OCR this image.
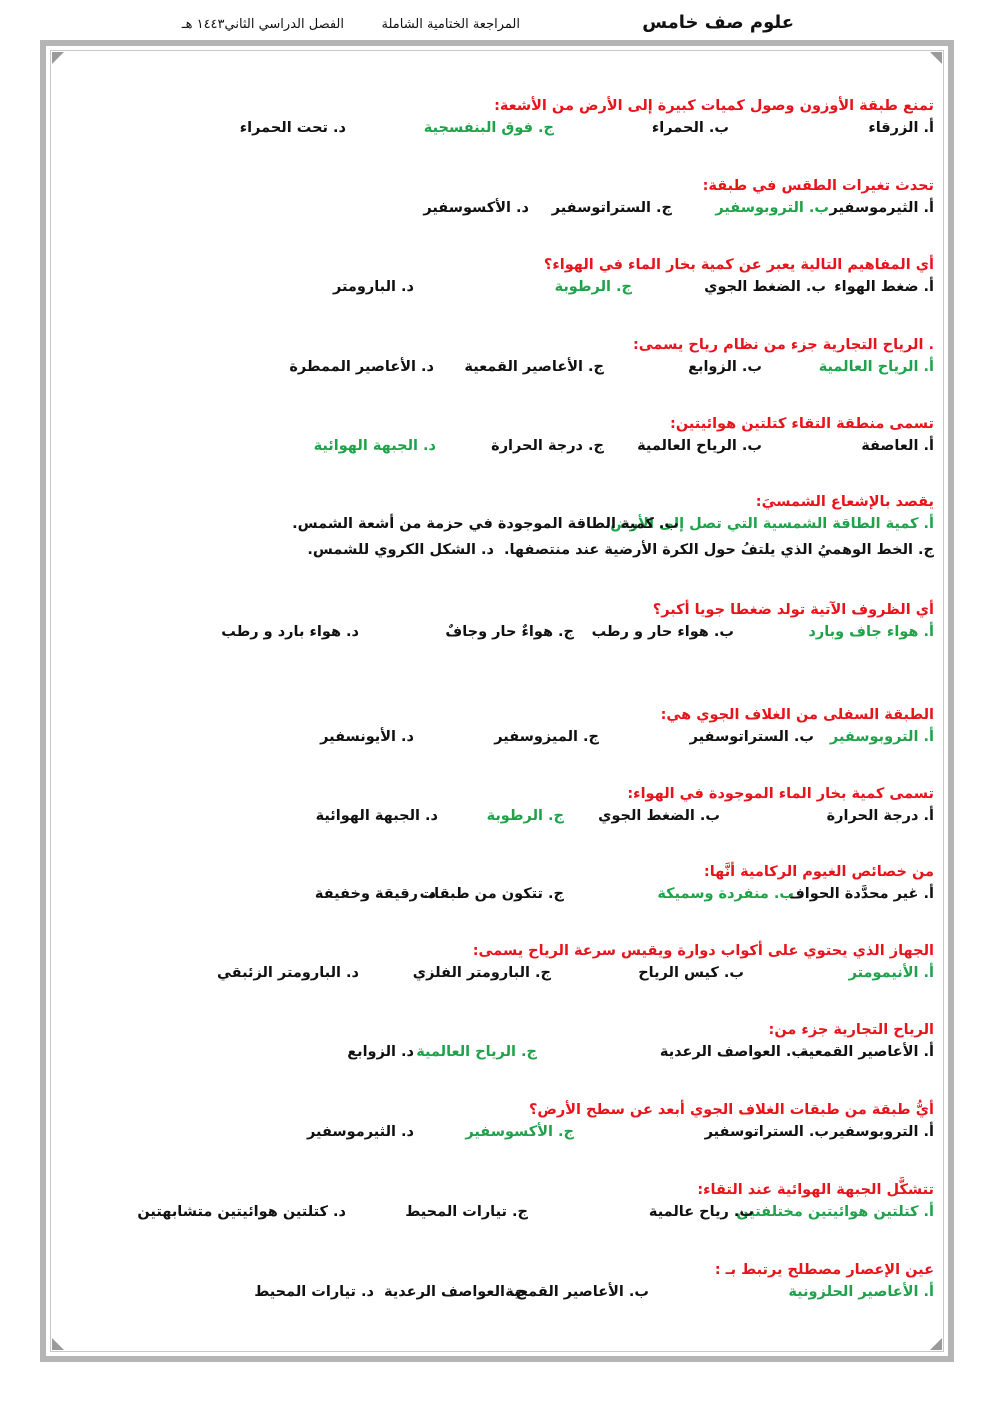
علوم صف خامس
المراجعة الختامية الشاملة
الفصل الدراسي الثاني١٤٤٣ هـ
تمنع طبقة الأوزون وصول كميات كبيرة إلى الأرض من الأشعة:
أ. الزرقاء
ب. الحمراء
ج. فوق البنفسجية
د. تحت الحمراء
تحدث تغيرات الطقس في طبقة:
أ. الثيرموسفير
ب. التروبوسفير
ج. الستراتوسفير
د. الأكسوسفير
أي المفاهيم التالية يعبر عن كمية بخار الماء في الهواء؟
أ. ضغط الهواء
ب. الضغط الجوي
ج. الرطوبة
د. البارومتر
. الرياح التجارية جزء من نظام رياح يسمى:
أ. الرياح العالمية
ب. الزوابع
ج. الأعاصير القمعية
د. الأعاصير الممطرة
تسمى منطقة التقاء كتلتين هوائيتين:
أ. العاصفة
ب. الرياح العالمية
ج. درجة الحرارة
د. الجبهة الهوائية
يقصد بالإشعاع الشمسيَ:
أ. كمية الطاقة الشمسية التي تصل إلى الأرض.
ب. كمية الطاقة الموجودة في حزمة من أشعة الشمس.
ج. الخط الوهميُ الذي يلتفُ حول الكرة الأرضية عند منتصفها.
د. الشكل الكروي للشمس.
أي الظروف الآتية تولد ضغطا جويا أكبر؟
أ. هواء جاف وبارد
ب. هواء حار و رطب
ج. هواءٌ حار وجافٌ
د. هواء بارد و رطب
الطبقة السفلى من الغلاف الجوي هي:
أ. التروبوسفير
ب. الستراتوسفير
ج. الميزوسفير
د. الأيونسفير
تسمى كمية بخار الماء الموجودة في الهواء:
أ. درجة الحرارة
ب. الضغط الجوي
ج. الرطوبة
د. الجبهة الهوائية
من خصائص الغيوم الركامية أنَّها:
أ. غير محدَّدة الحواف
ب. منفردة وسميكة
ج. تتكون من طبقات
د. رقيقة وخفيفة
الجهاز الذي يحتوي على أكواب دوارة ويقيس سرعة الرياح يسمى:
أ. الأنيمومتر
ب. كيس الرياح
ج. البارومتر الفلزي
د. البارومتر الزئبقي
الرياح التجارية جزء من:
أ. الأعاصير القمعية
ب. العواصف الرعدية
ج. الرياح العالمية
د. الزوابع
أيُّ طبقة من طبقات الغلاف الجوي أبعد عن سطح الأرض؟
أ. التروبوسفير
ب. الستراتوسفير
ج. الأكسوسفير
د. الثيرموسفير
تتشكَّل الجبهة الهوائية عند التقاء:
أ. كتلتين هوائيتين مختلفتين
ب. رياح عالمية
ج. تيارات المحيط
د. كتلتين هوائيتين متشابهتين
عين الإعصار مصطلح يرتبط بـ :
أ. الأعاصير الحلزونية
ب. الأعاصير القمعية
ج. العواصف الرعدية
د. تيارات المحيط
